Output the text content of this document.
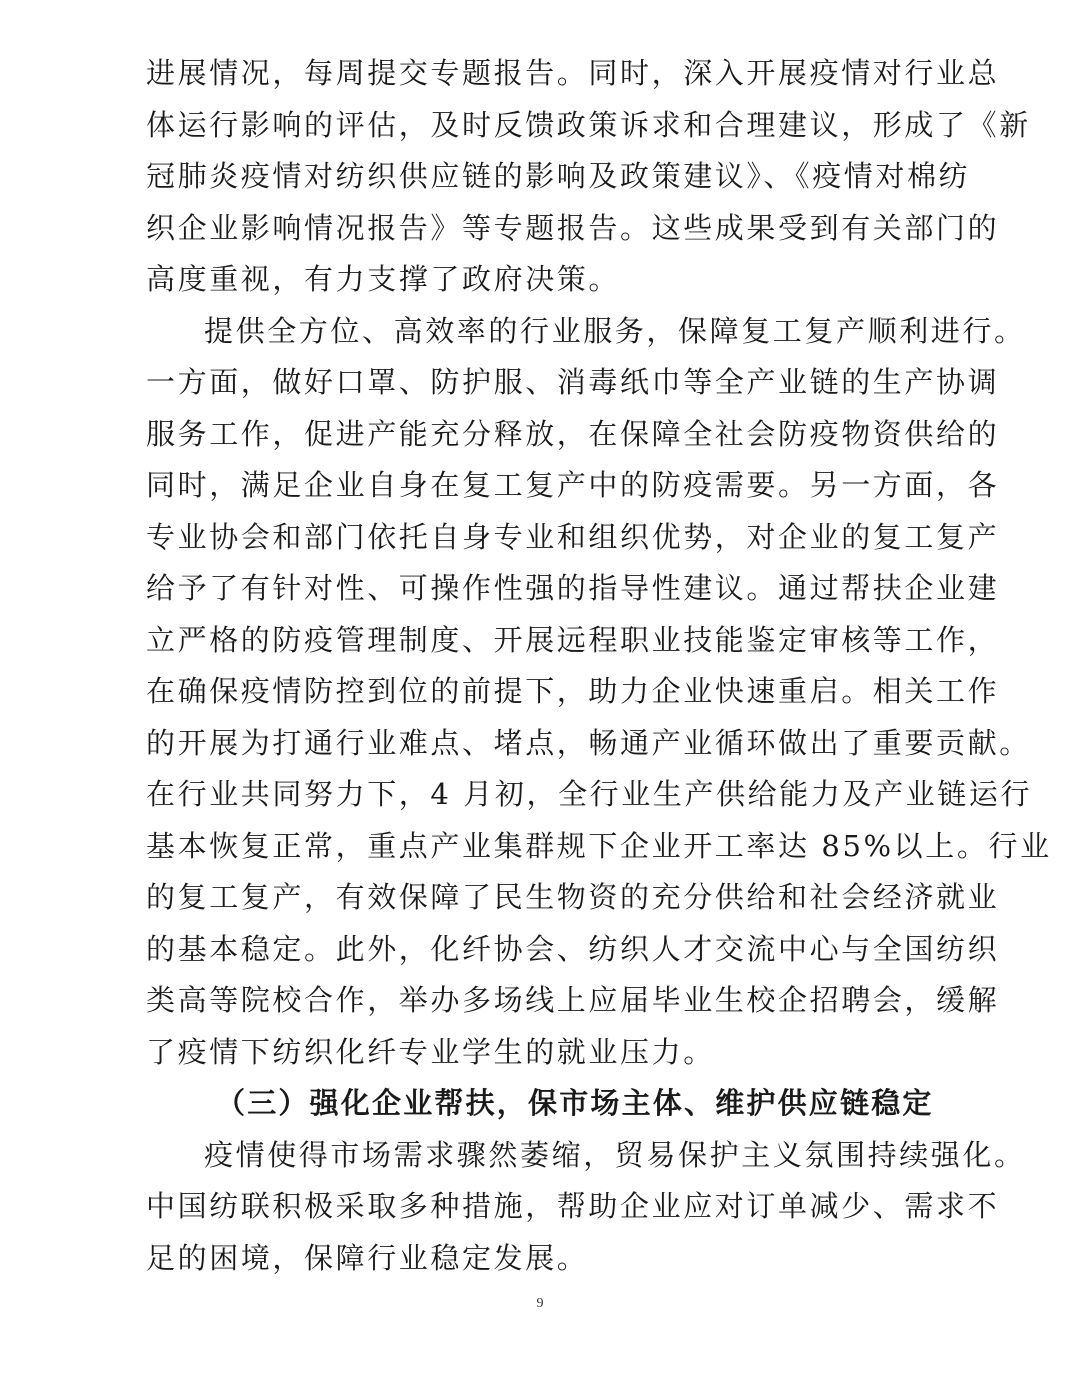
进展情况，每周提交专题报告。同时，深入开展疫情对行业总
体运行影响的评估，及时反馈政策诉求和合理建议，形成了《新
冠肺炎疫情对纺织供应链的影响及政策建议》、《疫情对棉纺
织企业影响情况报告》等专题报告。这些成果受到有关部门的
高度重视，有力支撑了政府决策。
提供全方位、高效率的行业服务，保障复工复产顺利进行。
一方面，做好口罩、防护服、消毒纸巾等全产业链的生产协调
服务工作，促进产能充分释放，在保障全社会防疫物资供给的
同时，满足企业自身在复工复产中的防疫需要。另一方面，各
专业协会和部门依托自身专业和组织优势，对企业的复工复产
给予了有针对性、可操作性强的指导性建议。通过帮扶企业建
立严格的防疫管理制度、开展远程职业技能鉴定审核等工作，
在确保疫情防控到位的前提下，助力企业快速重启。相关工作
的开展为打通行业难点、堵点，畅通产业循环做出了重要贡献。
在行业共同努力下，4 月初，全行业生产供给能力及产业链运行
基本恢复正常，重点产业集群规下企业开工率达 85%以上。行业
的复工复产，有效保障了民生物资的充分供给和社会经济就业
的基本稳定。此外，化纤协会、纺织人才交流中心与全国纺织
类高等院校合作，举办多场线上应届毕业生校企招聘会，缓解
了疫情下纺织化纤专业学生的就业压力。
（三）强化企业帮扶，保市场主体、维护供应链稳定
疫情使得市场需求骤然萎缩，贸易保护主义氛围持续强化。
中国纺联积极采取多种措施，帮助企业应对订单减少、需求不
足的困境，保障行业稳定发展。
9
